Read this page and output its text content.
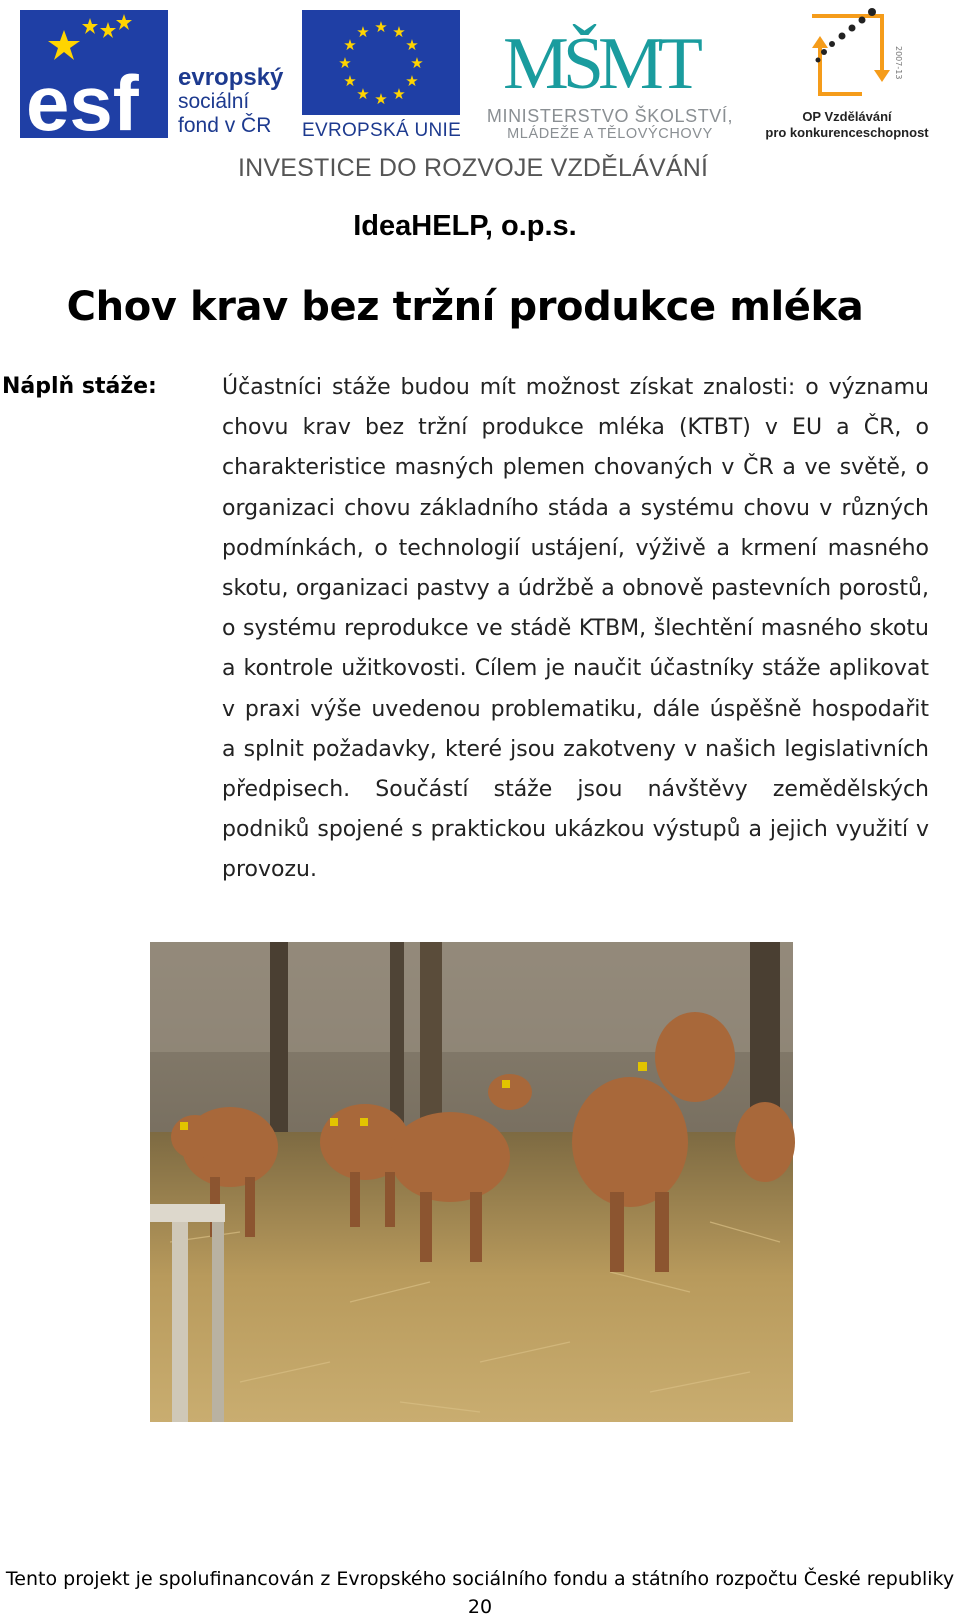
esf evropský
sociální
fond v ČR
★ ★
★
★
★
★
★
★
★
★
★
★
EVROPSKÁ UNIE
MŠMT
MINISTERSTVO ŠKOLSTVÍ,
MLÁDEŽE A TĚLOVÝCHOVY
2007-13
OP Vzdělávání
pro konkurenceschopnost
INVESTICE DO ROZVOJE VZDĚLÁVÁNÍ
IdeaHELP, o.p.s.
Chov krav bez tržní produkce mléka
Náplň stáže:	Účastníci stáže budou mít možnost získat znalosti: o významu chovu krav bez tržní produkce mléka (KTBT) v EU a ČR, o charakteristice masných plemen chovaných v ČR a ve světě, o organizaci chovu základního stáda a systému chovu v různých podmínkách, o technologií ustájení, výživě a krmení masného skotu, organizaci pastvy a údržbě a obnově pastevních porostů, o systému reprodukce ve stádě KTBM, šlechtění masného skotu a kontrole užitkovosti. Cílem je naučit účastníky stáže aplikovat v praxi výše uvedenou problematiku, dále úspěšně hospodařit a splnit požadavky, které jsou zakotveny v našich legislativních předpisech. Součástí stáže jsou návštěvy zemědělských podniků spojené s praktickou ukázkou výstupů a jejich využití v provozu.
Tento projekt je spolufinancován z Evropského sociálního fondu a státního rozpočtu České republiky
20
